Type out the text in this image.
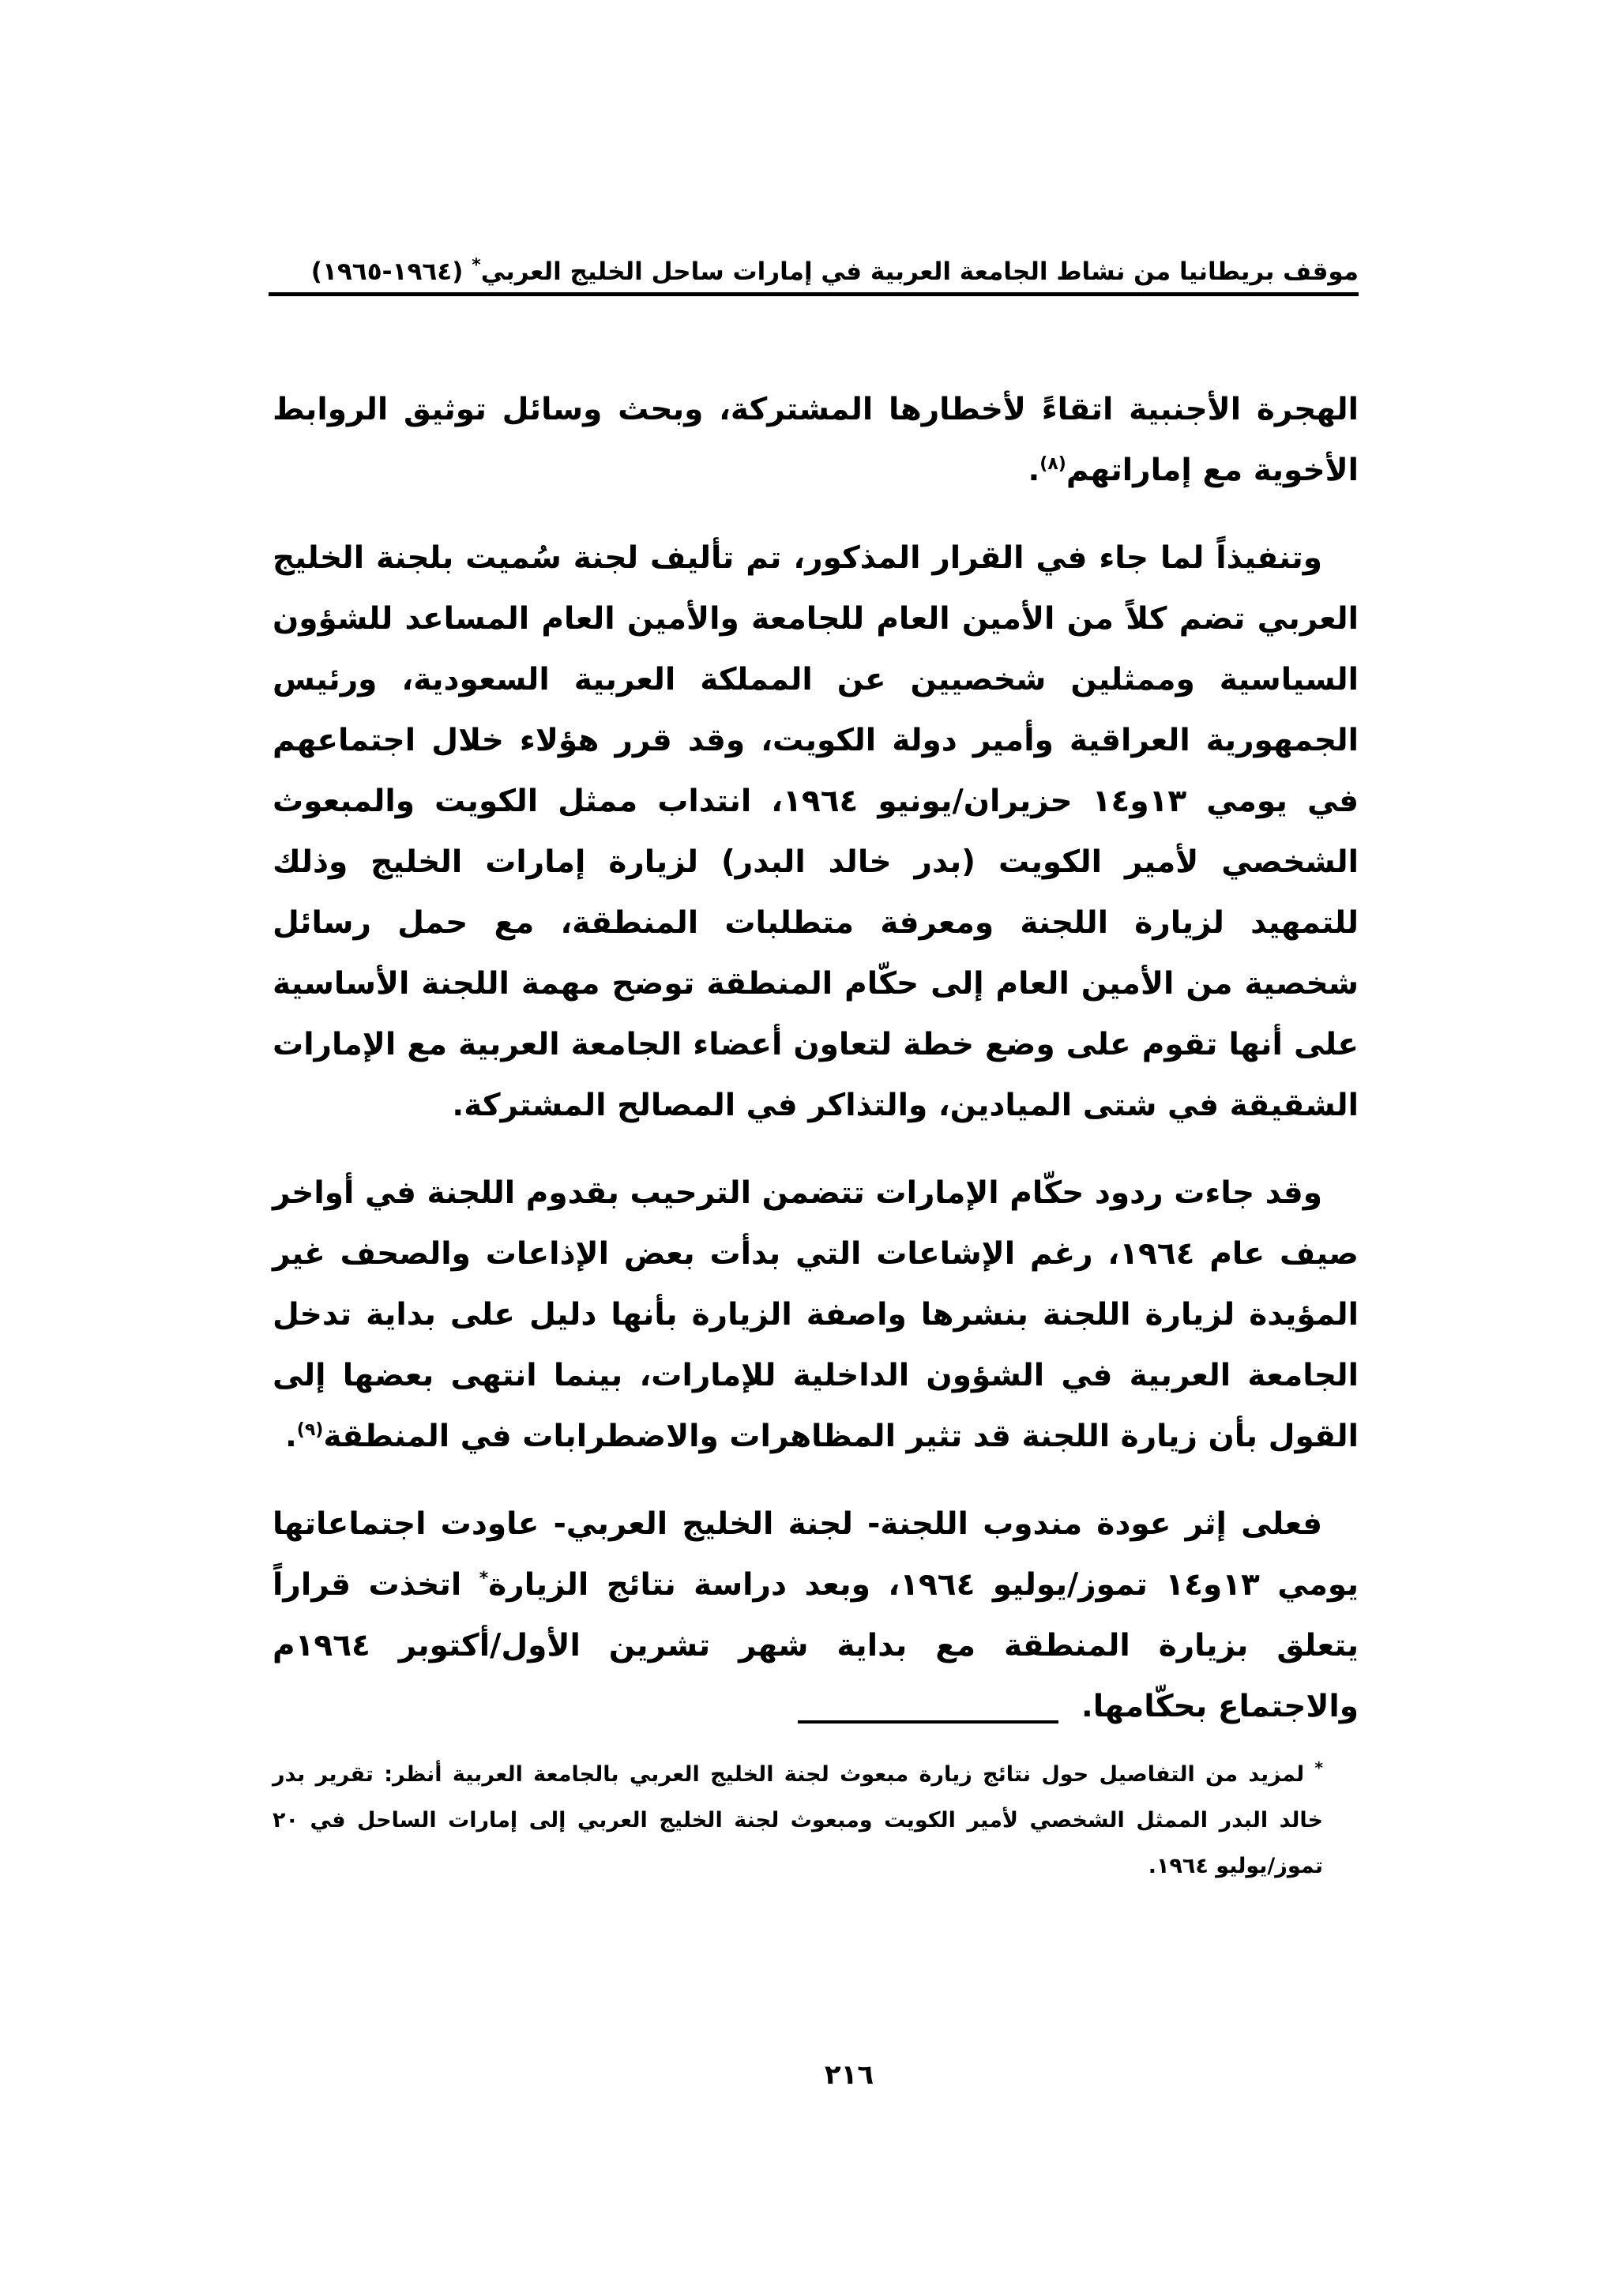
موقف بريطانيا من نشاط الجامعة العربية في إمارات ساحل الخليج العربي* (١٩٦٤-١٩٦٥)

الهجرة الأجنبية اتقاءً لأخطارها المشتركة، وبحث وسائل توثيق الروابط الأخوية مع إماراتهم$^{(٨)}$.

وتنفيذاً لما جاء في القرار المذكور، تم تأليف لجنة سُميت بلجنة الخليج العربي تضم كلاً من الأمين العام للجامعة والأمين العام المساعد للشؤون السياسية وممثلين شخصيين عن المملكة العربية السعودية، ورئيس الجمهورية العراقية وأمير دولة الكويت، وقد قرر هؤلاء خلال اجتماعهم في يومي ١٣و١٤ حزيران/يونيو ١٩٦٤، انتداب ممثل الكويت والمبعوث الشخصي لأمير الكويت (بدر خالد البدر) لزيارة إمارات الخليج وذلك للتمهيد لزيارة اللجنة ومعرفة متطلبات المنطقة، مع حمل رسائل شخصية من الأمين العام إلى حكّام المنطقة توضح مهمة اللجنة الأساسية على أنها تقوم على وضع خطة لتعاون أعضاء الجامعة العربية مع الإمارات الشقيقة في شتى الميادين، والتذاكر في المصالح المشتركة.

وقد جاءت ردود حكّام الإمارات تتضمن الترحيب بقدوم اللجنة في أواخر صيف عام ١٩٦٤، رغم الإشاعات التي بدأت بعض الإذاعات والصحف غير المؤيدة لزيارة اللجنة بنشرها واصفة الزيارة بأنها دليل على بداية تدخل الجامعة العربية في الشؤون الداخلية للإمارات، بينما انتهى بعضها إلى القول بأن زيارة اللجنة قد تثير المظاهرات والاضطرابات في المنطقة$^{(٩)}$.

فعلى إثر عودة مندوب اللجنة- لجنة الخليج العربي- عاودت اجتماعاتها يومي ١٣و١٤ تموز/يوليو ١٩٦٤، وبعد دراسة نتائج الزيارة* اتخذت قراراً يتعلق بزيارة المنطقة مع بداية شهر تشرين الأول/أكتوبر ١٩٦٤م والاجتماع بحكّامها.

* لمزيد من التفاصيل حول نتائج زيارة مبعوث لجنة الخليج العربي بالجامعة العربية أنظر: تقرير بدر خالد البدر الممثل الشخصي لأمير الكويت ومبعوث لجنة الخليج العربي إلى إمارات الساحل في ٢٠ تموز/يوليو ١٩٦٤.
٢١٦
